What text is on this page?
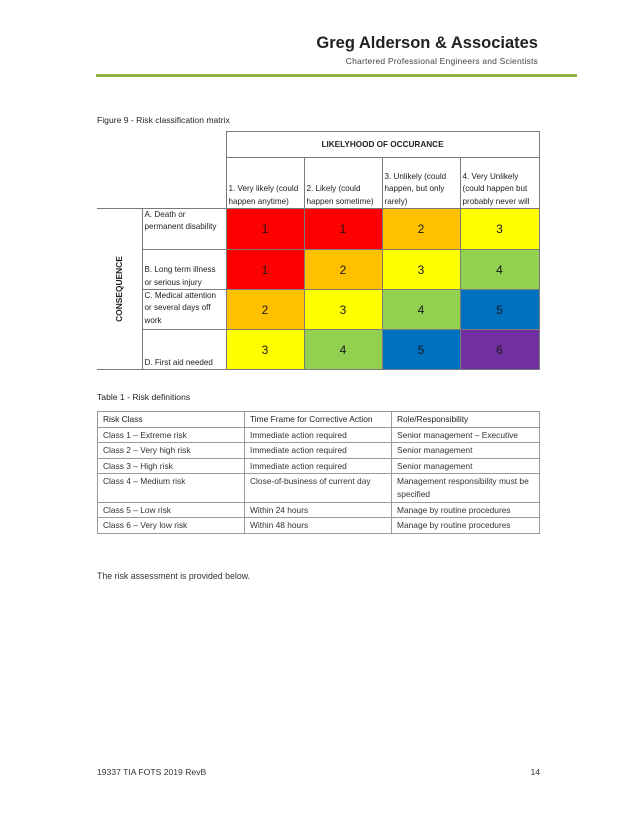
Greg Alderson & Associates
Chartered Professional Engineers and Scientists
Figure 9 - Risk classification matrix
		LIKELYHOOD OF OCCURANCE			
		1. Very likely (could happen anytime)	2. Likely (could happen sometime)	3. Unlikely (could happen, but only rarely)	4. Very Unlikely (could happen but probably never will

CONSEQUENCE	A. Death or permanent disability	1	1	2	3
	B. Long term illness or serious injury	1	2	3	4
	C. Medical attention or several days off work	2	3	4	5
	D. First aid needed	3	4	5	6
Table 1 - Risk definitions
Risk Class	Time Frame for Corrective Action	Role/Responsibility
Class 1 – Extreme risk	Immediate action required	Senior management – Executive
Class 2 – Very high risk	Immediate action required	Senior management
Class 3 – High risk	Immediate action required	Senior management
Class 4 – Medium risk	Close-of-business of current day	Management responsibility must be specified
Class 5 – Low risk	Within 24 hours	Manage by routine procedures
Class 6 – Very low risk	Within 48 hours	Manage by routine procedures
The risk assessment is provided below.
19337 TIA FOTS 2019 RevB	14
